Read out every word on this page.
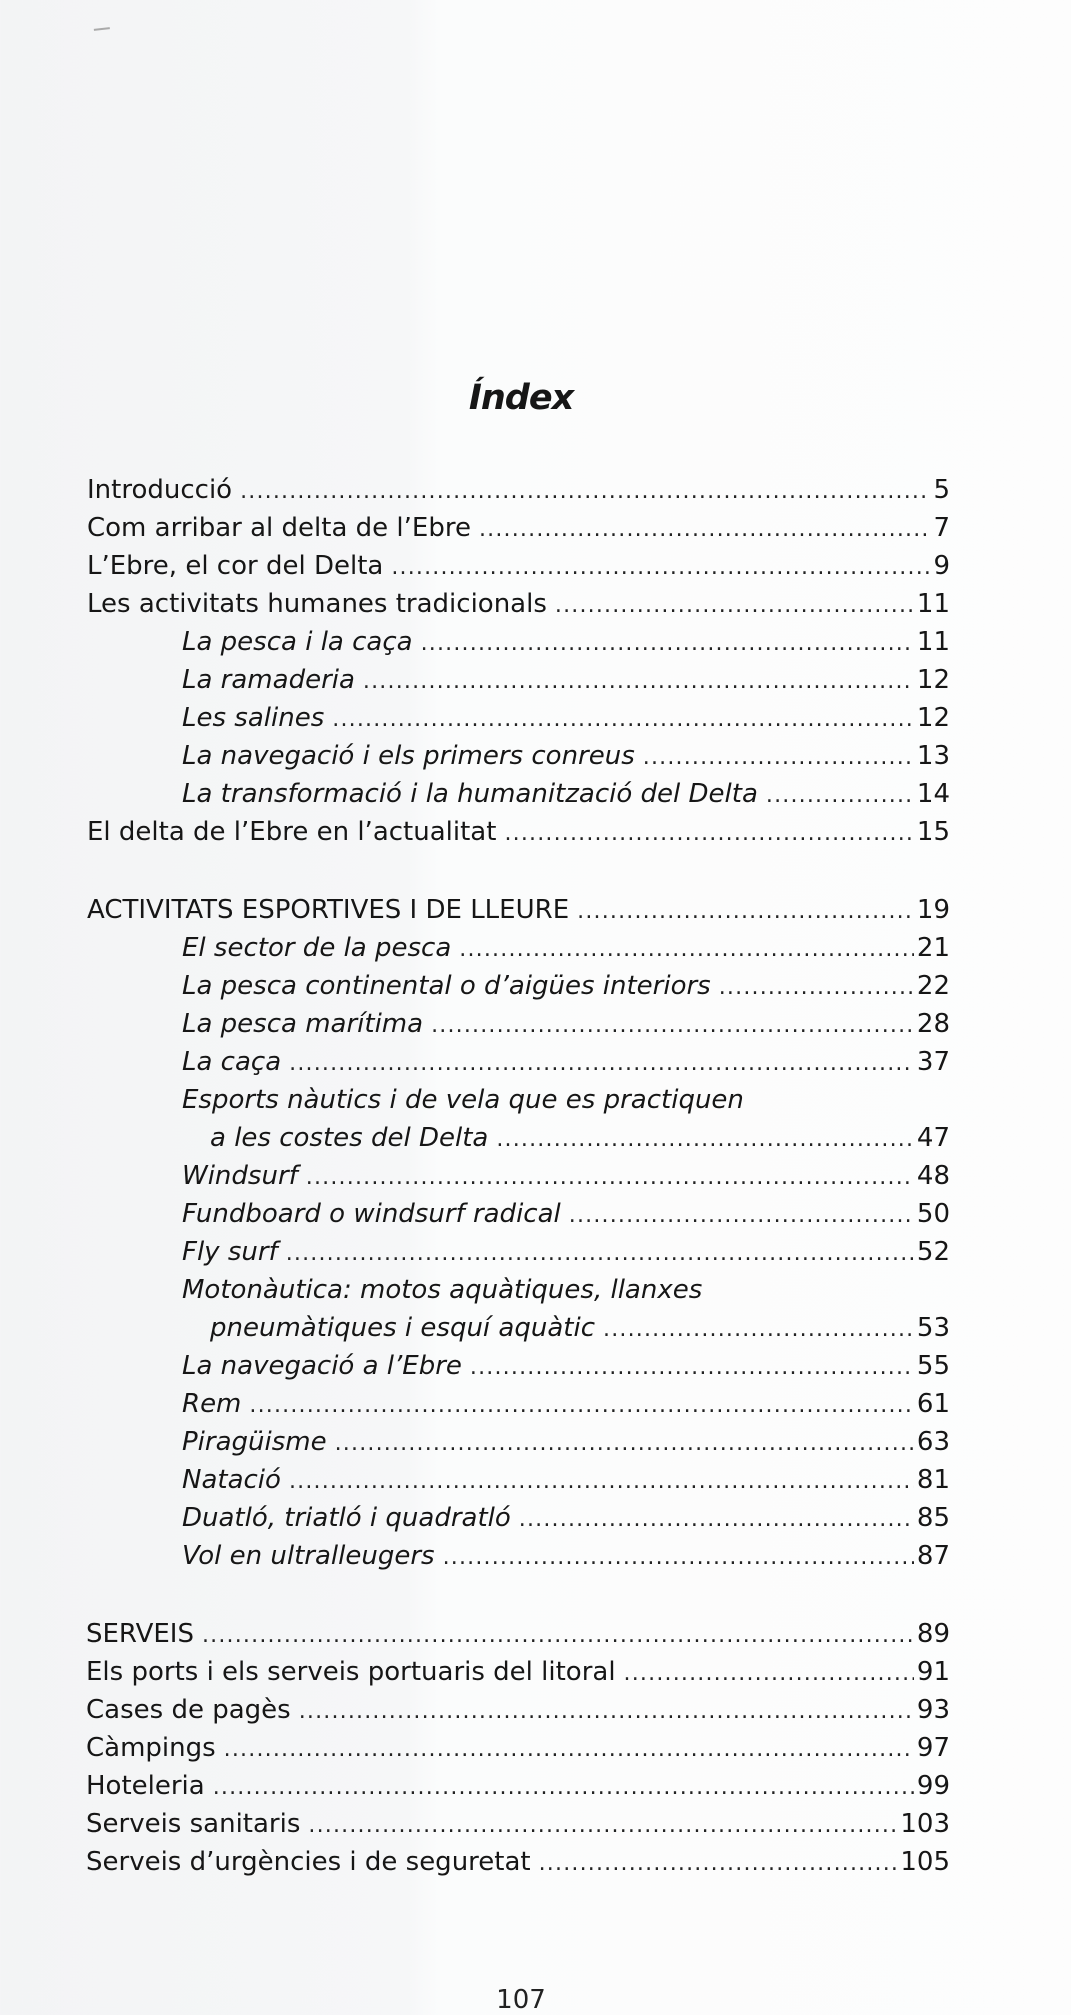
Índex
Introducció .....	5
Com arribar al delta de l’Ebre .....	7
L’Ebre, el cor del Delta .....	9
Les activitats humanes tradicionals .....	11
La pesca i la caça .....	11
La ramaderia .....	12
Les salines .....	12
La navegació i els primers conreus .....	13
La transformació i la humanització del Delta .....	14
El delta de l’Ebre en l’actualitat .....	15
ACTIVITATS ESPORTIVES I DE LLEURE .....	19
El sector de la pesca .....	21
La pesca continental o d’aigües interiors .....	22
La pesca marítima .....	28
La caça .....	37
Esports nàutics i de vela que es practiquen
a les costes del Delta .....	47
Windsurf .....	48
Fundboard o windsurf radical .....	50
Fly surf .....	52
Motonàutica: motos aquàtiques, llanxes
pneumàtiques i esquí aquàtic .....	53
La navegació a l’Ebre .....	55
Rem .....	61
Piragüisme .....	63
Natació .....	81
Duatló, triatló i quadratló .....	85
Vol en ultralleugers .....	87
SERVEIS .....	89
Els ports i els serveis portuaris del litoral .....	91
Cases de pagès .....	93
Càmpings .....	97
Hoteleria .....	99
Serveis sanitaris .....	103
Serveis d’urgències i de seguretat .....	105
107
